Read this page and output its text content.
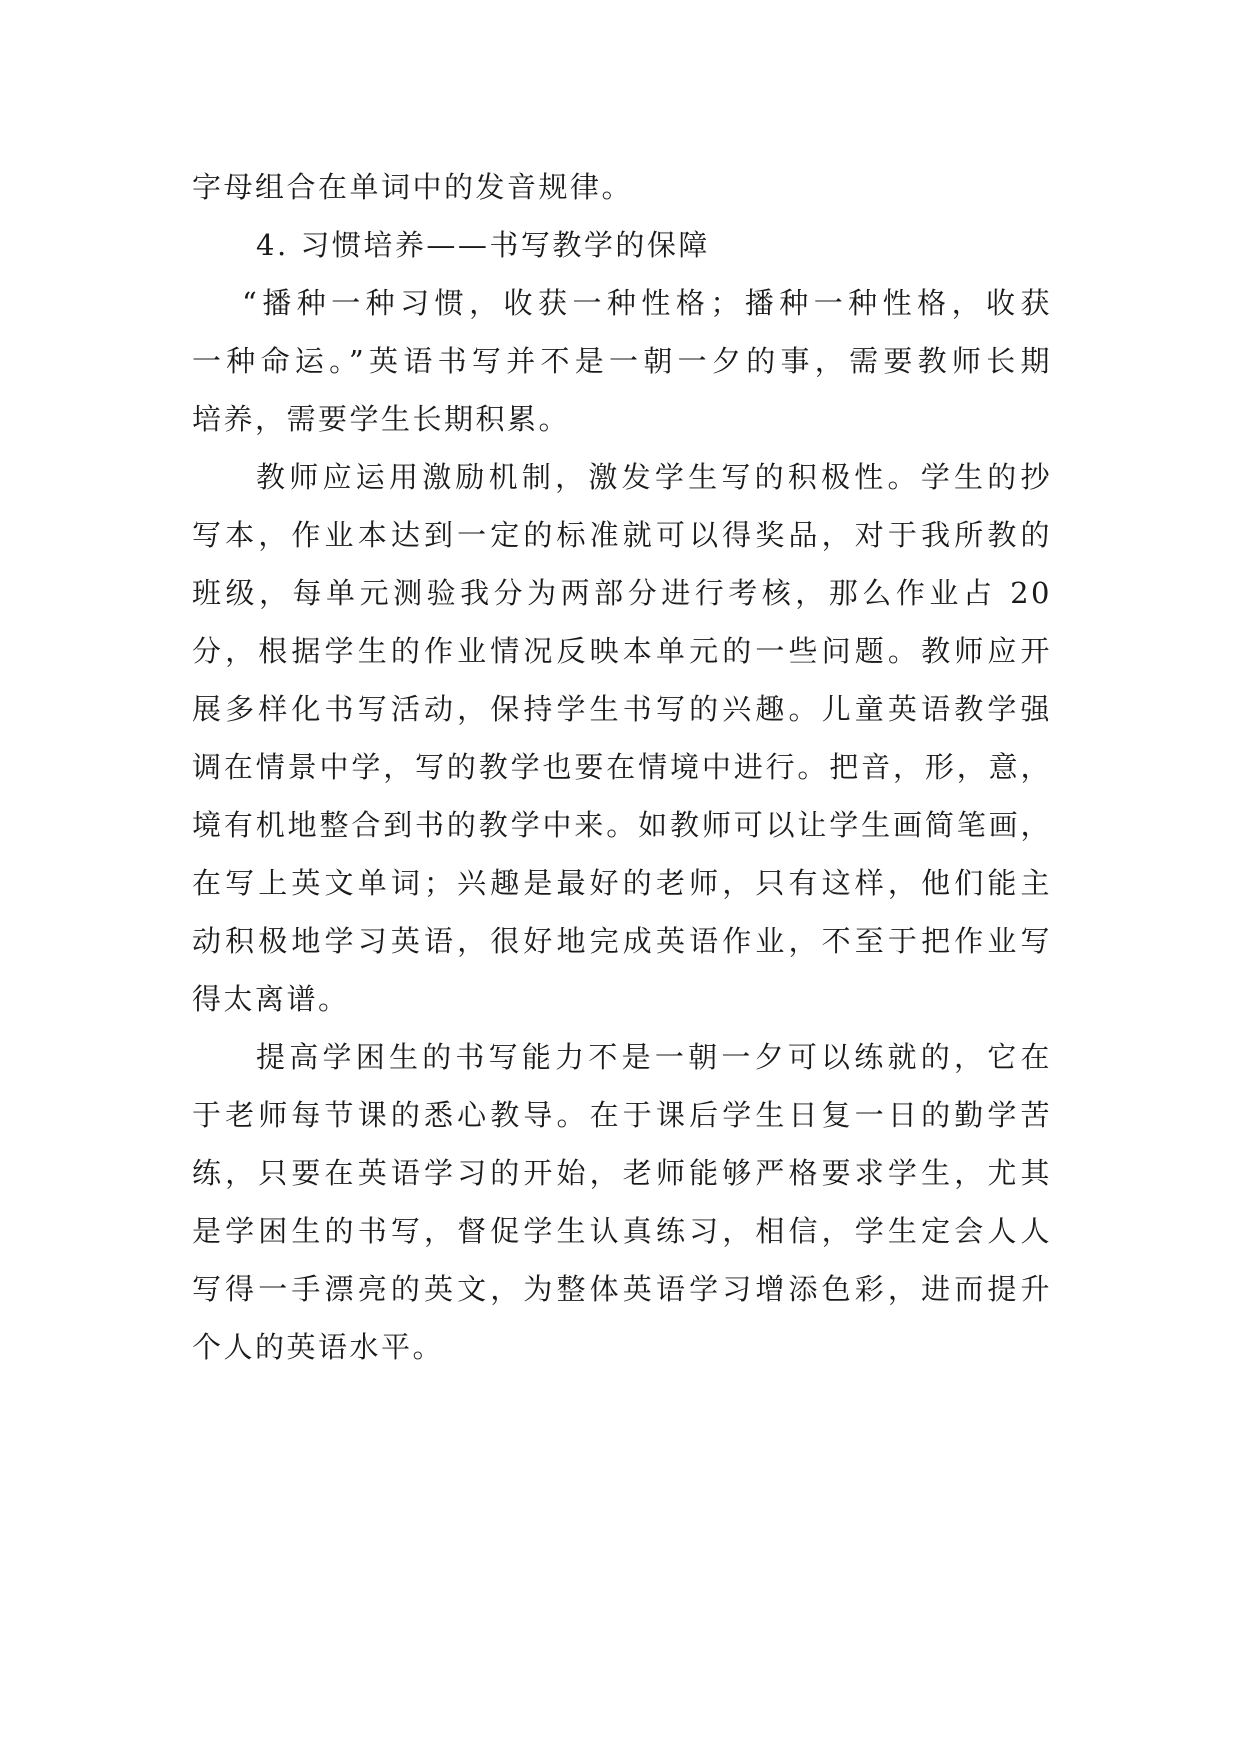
字母组合在单词中的发音规律。
4. 习惯培养——书写教学的保障
“播种一种习惯，收获一种性格；播种一种性格，收获
一种命运。”英语书写并不是一朝一夕的事，需要教师长期
培养，需要学生长期积累。
教师应运用激励机制，激发学生写的积极性。学生的抄
写本，作业本达到一定的标准就可以得奖品，对于我所教的
班级，每单元测验我分为两部分进行考核，那么作业占 20
分，根据学生的作业情况反映本单元的一些问题。教师应开
展多样化书写活动，保持学生书写的兴趣。儿童英语教学强
调在情景中学，写的教学也要在情境中进行。把音，形，意，
境有机地整合到书的教学中来。如教师可以让学生画简笔画，
在写上英文单词；兴趣是最好的老师，只有这样，他们能主
动积极地学习英语，很好地完成英语作业，不至于把作业写
得太离谱。
提高学困生的书写能力不是一朝一夕可以练就的，它在
于老师每节课的悉心教导。在于课后学生日复一日的勤学苦
练，只要在英语学习的开始，老师能够严格要求学生，尤其
是学困生的书写，督促学生认真练习，相信，学生定会人人
写得一手漂亮的英文，为整体英语学习增添色彩，进而提升
个人的英语水平。
